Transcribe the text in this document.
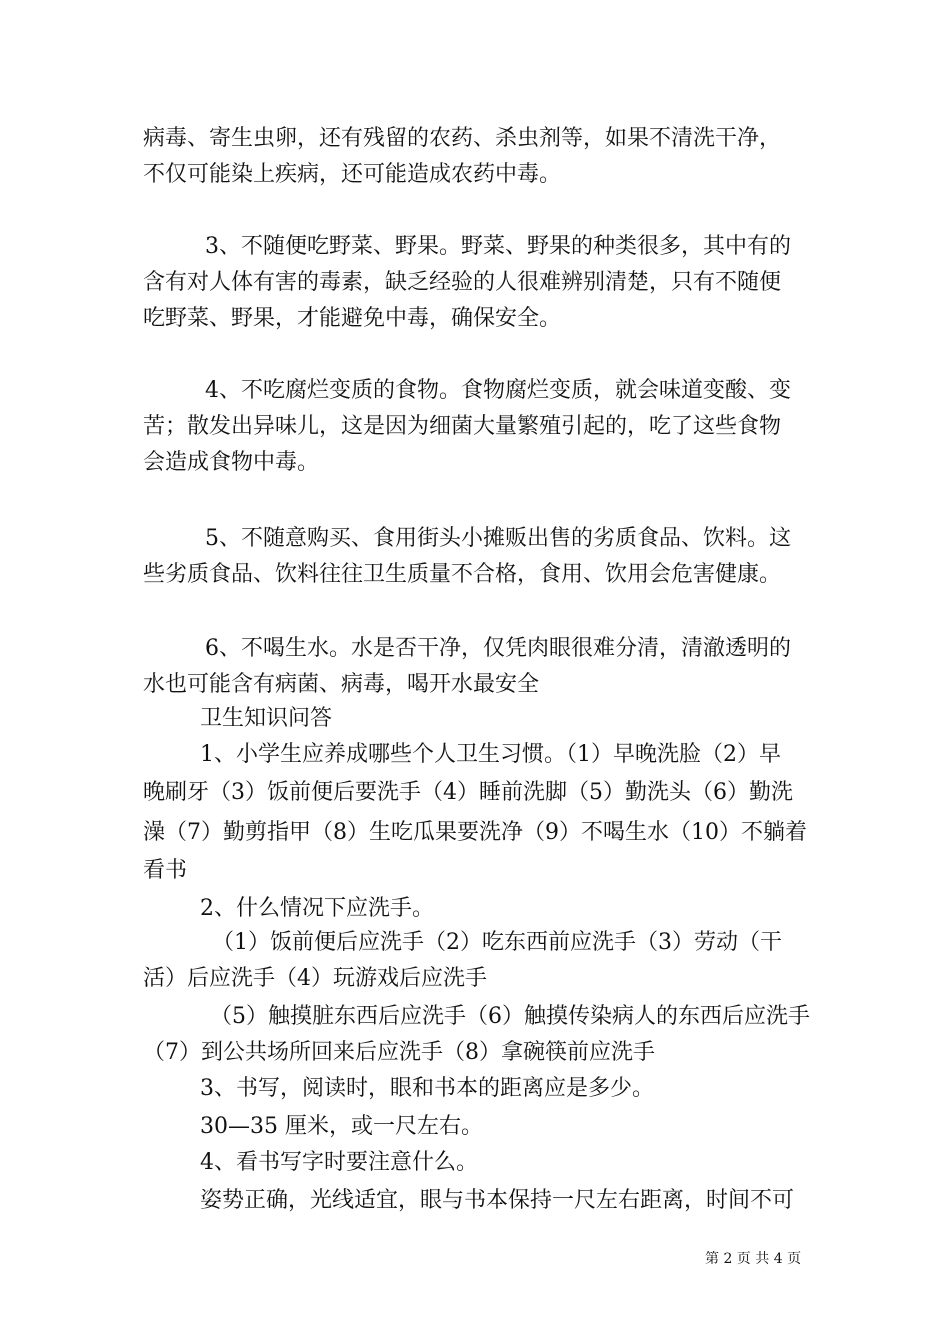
病毒、寄生虫卵，还有残留的农药、杀虫剂等，如果不清洗干净，
不仅可能染上疾病，还可能造成农药中毒。
3、不随便吃野菜、野果。野菜、野果的种类很多，其中有的
含有对人体有害的毒素，缺乏经验的人很难辨别清楚，只有不随便
吃野菜、野果，才能避免中毒，确保安全。
4、不吃腐烂变质的食物。食物腐烂变质，就会味道变酸、变
苦；散发出异味儿，这是因为细菌大量繁殖引起的，吃了这些食物
会造成食物中毒。
5、不随意购买、食用街头小摊贩出售的劣质食品、饮料。这
些劣质食品、饮料往往卫生质量不合格，食用、饮用会危害健康。
6、不喝生水。水是否干净，仅凭肉眼很难分清，清澈透明的
水也可能含有病菌、病毒，喝开水最安全
卫生知识问答
1、小学生应养成哪些个人卫生习惯。（1）早晚洗脸（2）早
晚刷牙（3）饭前便后要洗手（4）睡前洗脚（5）勤洗头（6）勤洗
澡（7）勤剪指甲（8）生吃瓜果要洗净（9）不喝生水（10）不躺着
看书
2、什么情况下应洗手。
（1）饭前便后应洗手（2）吃东西前应洗手（3）劳动（干
活）后应洗手（4）玩游戏后应洗手
（5）触摸脏东西后应洗手（6）触摸传染病人的东西后应洗手
（7）到公共场所回来后应洗手（8）拿碗筷前应洗手
3、书写，阅读时，眼和书本的距离应是多少。
30—35 厘米，或一尺左右。
4、看书写字时要注意什么。
姿势正确，光线适宜，眼与书本保持一尺左右距离，时间不可
第 2 页 共 4 页
